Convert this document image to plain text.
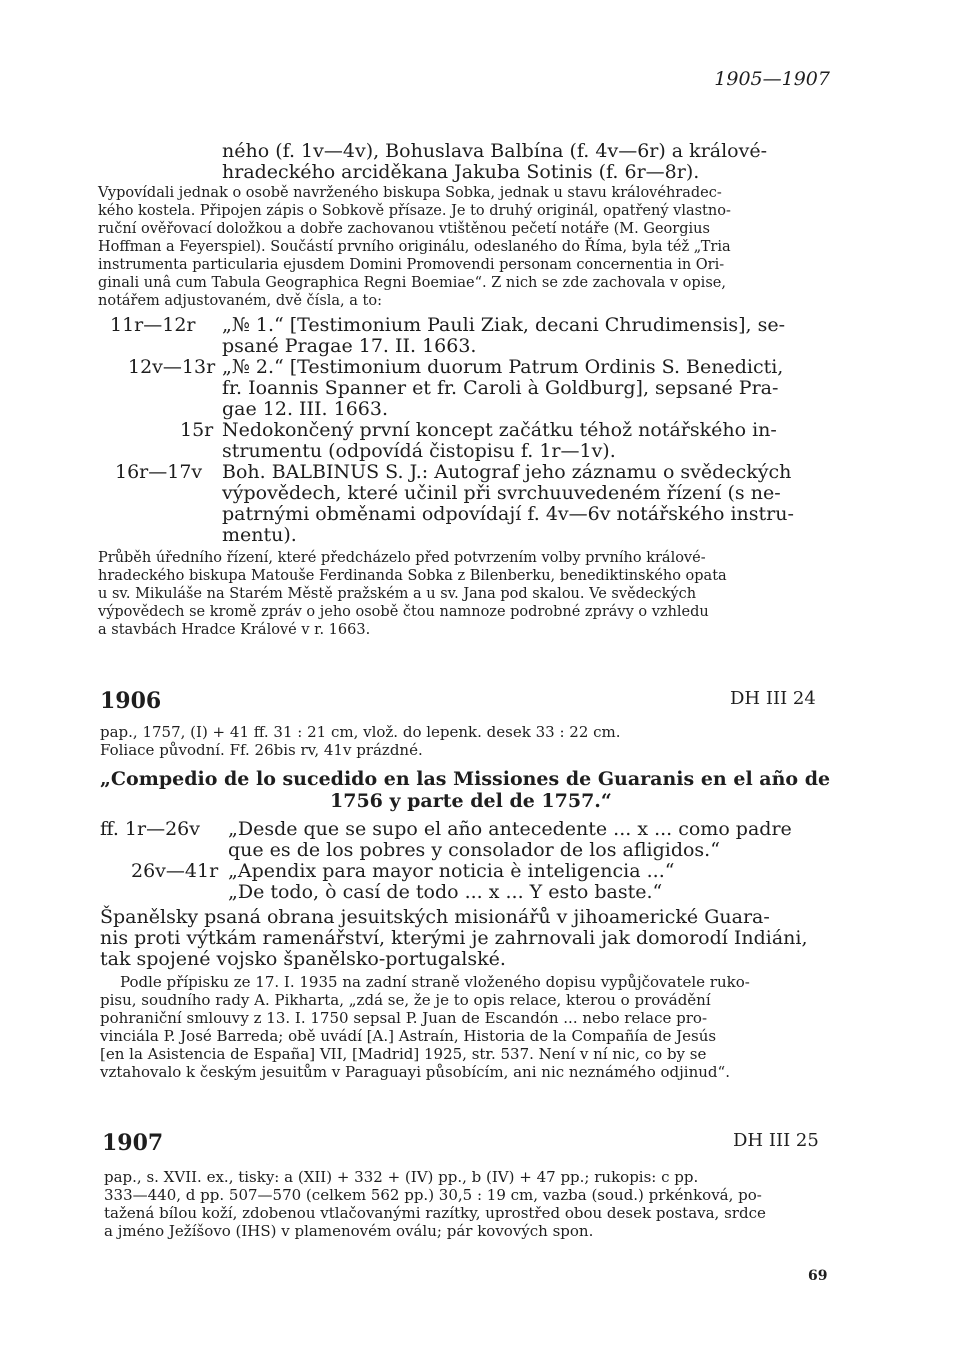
1905—1907
ného (f. 1v—4v), Bohuslava Balbína (f. 4v—6r) a králové-
hradeckého arciděkana Jakuba Sotinis (f. 6r—8r).
Vypovídali jednak o osobě navrženého biskupa Sobka, jednak u stavu královéhradec-
kého kostela. Připojen zápis o Sobkově přísaze. Je to druhý originál, opatřený vlastno-
ruční ověřovací doložkou a dobře zachovanou vtištěnou pečetí notáře (M. Georgius
Hoffman a Feyerspiel). Součástí prvního originálu, odeslaného do Říma, byla též „Tria
instrumenta particularia ejusdem Domini Promovendi personam concernentia in Ori-
ginali unâ cum Tabula Geographica Regni Boemiae“. Z nich se zde zachovala v opise,
notářem adjustovaném, dvě čísla, a to:
11r—12r „№ 1.“ [Testimonium Pauli Ziak, decani Chrudimensis], se-
psané Pragae 17. II. 1663.
12v—13r „№ 2.“ [Testimonium duorum Patrum Ordinis S. Benedicti,
fr. Ioannis Spanner et fr. Caroli à Goldburg], sepsané Pra-
gae 12. III. 1663.
15r Nedokončený první koncept začátku téhož notářského in-
strumentu (odpovídá čistopisu f. 1r—1v).
16r—17v Boh. BALBINUS S. J.: Autograf jeho záznamu o svědeckých
výpovědech, které učinil při svrchuuvedeném řízení (s ne-
patrnými obměnami odpovídají f. 4v—6v notářského instru-
mentu).
Průběh úředního řízení, které předcházelo před potvrzením volby prvního králové-
hradeckého biskupa Matouše Ferdinanda Sobka z Bilenberku, benediktinského opata
u sv. Mikuláše na Starém Městě pražském a u sv. Jana pod skalou. Ve svědeckých
výpovědech se kromě zpráv o jeho osobě čtou namnoze podrobné zprávy o vzhledu
a stavbách Hradce Králové v r. 1663.
1906	DH III 24
pap., 1757, (I) + 41 ff. 31 : 21 cm, vlož. do lepenk. desek 33 : 22 cm.
Foliace původní. Ff. 26bis rv, 41v prázdné.
„Compedio de lo sucedido en las Missiones de Guaranis en el año de
1756 y parte del de 1757.“
ff. 1r—26v „Desde que se supo el año antecedente ... x ... como padre
que es de los pobres y consolador de los afligidos.“
26v—41r „Apendix para mayor noticia è inteligencia ...“
„De todo, ò casí de todo ... x ... Y esto baste.“
Španělsky psaná obrana jesuitských misionářů v jihoamerické Guara-
nis proti výtkám ramenářství, kterými je zahrnovali jak domorodí Indiáni,
tak spojené vojsko španělsko-portugalské.
Podle přípisku ze 17. I. 1935 na zadní straně vloženého dopisu vypůjčovatele ruko-
pisu, soudního rady A. Pikharta, „zdá se, že je to opis relace, kterou o provádění
pohraniční smlouvy z 13. I. 1750 sepsal P. Juan de Escandón ... nebo relace pro-
vinciála P. José Barreda; obě uvádí [A.] Astraín, Historia de la Compañía de Jesús
[en la Asistencia de España] VII, [Madrid] 1925, str. 537. Není v ní nic, co by se
vztahovalo k českým jesuitům v Paraguayi působícím, ani nic neznámého odjinud“.
1907	DH III 25
pap., s. XVII. ex., tisky: a (XII) + 332 + (IV) pp., b (IV) + 47 pp.; rukopis: c pp.
333—440, d pp. 507—570 (celkem 562 pp.) 30,5 : 19 cm, vazba (soud.) prkénková, po-
tažená bílou koží, zdobenou vtlačovanými razítky, uprostřed obou desek postava, srdce
a jméno Ježíšovo (IHS) v plamenovém oválu; pár kovových spon.
69
